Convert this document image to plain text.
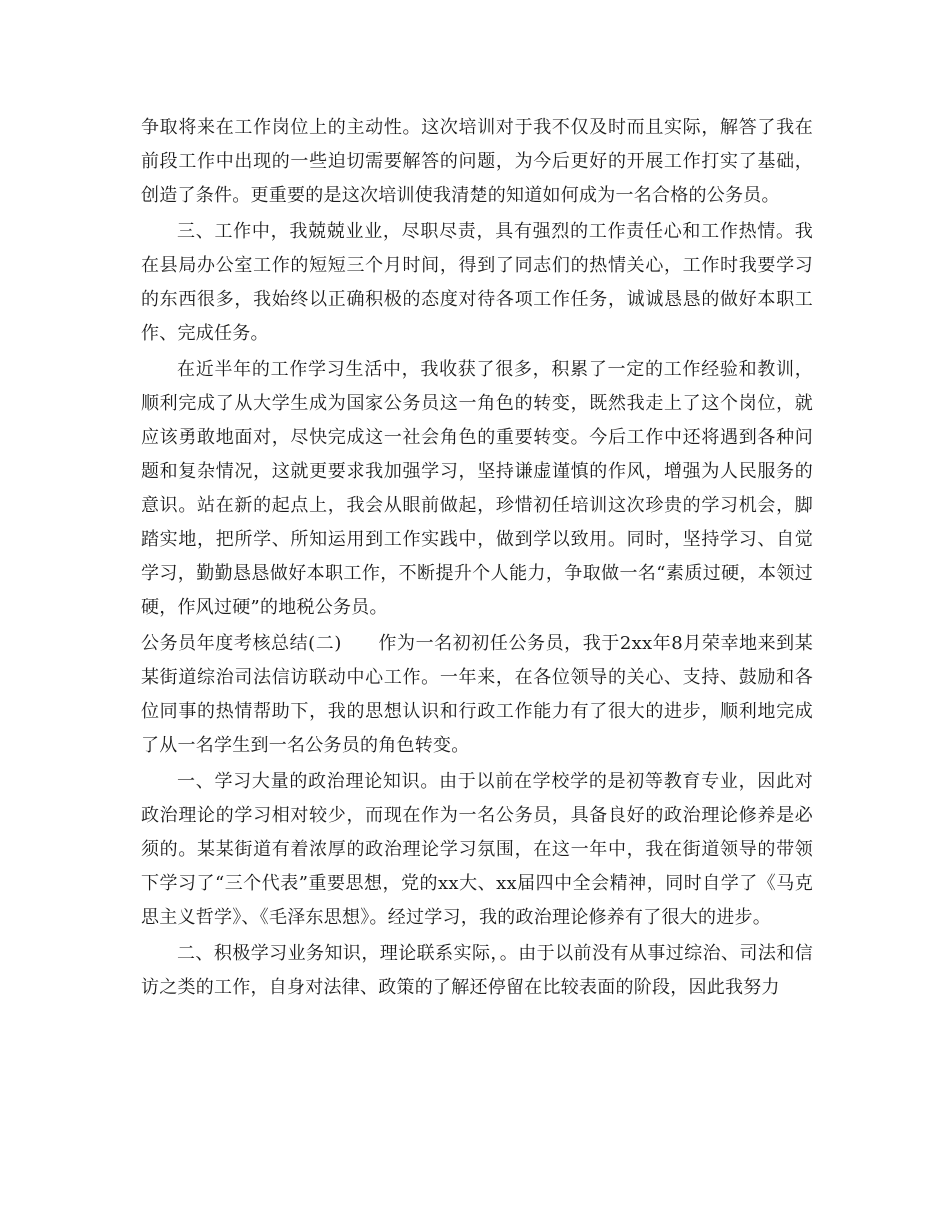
争取将来在工作岗位上的主动性。这次培训对于我不仅及时而且实际，解答了我在前段工作中出现的一些迫切需要解答的问题，为今后更好的开展工作打实了基础，创造了条件。更重要的是这次培训使我清楚的知道如何成为一名合格的公务员。

三、工作中，我兢兢业业，尽职尽责，具有强烈的工作责任心和工作热情。我在县局办公室工作的短短三个月时间，得到了同志们的热情关心，工作时我要学习的东西很多，我始终以正确积极的态度对待各项工作任务，诚诚恳恳的做好本职工作、完成任务。

在近半年的工作学习生活中，我收获了很多，积累了一定的工作经验和教训，顺利完成了从大学生成为国家公务员这一角色的转变，既然我走上了这个岗位，就应该勇敢地面对，尽快完成这一社会角色的重要转变。今后工作中还将遇到各种问题和复杂情况，这就更要求我加强学习，坚持谦虚谨慎的作风，增强为人民服务的意识。站在新的起点上，我会从眼前做起，珍惜初任培训这次珍贵的学习机会，脚踏实地，把所学、所知运用到工作实践中，做到学以致用。同时，坚持学习、自觉学习，勤勤恳恳做好本职工作，不断提升个人能力，争取做一名“素质过硬，本领过硬，作风过硬”的地税公务员。

公务员年度考核总结(二)   作为一名初初任公务员，我于2xx年8月荣幸地来到某某街道综治司法信访联动中心工作。一年来，在各位领导的关心、支持、鼓励和各位同事的热情帮助下，我的思想认识和行政工作能力有了很大的进步，顺利地完成了从一名学生到一名公务员的角色转变。

一、学习大量的政治理论知识。由于以前在学校学的是初等教育专业，因此对政治理论的学习相对较少，而现在作为一名公务员，具备良好的政治理论修养是必须的。某某街道有着浓厚的政治理论学习氛围，在这一年中，我在街道领导的带领下学习了“三个代表”重要思想，党的xx大、xx届四中全会精神，同时自学了《马克思主义哲学》、《毛泽东思想》。经过学习，我的政治理论修养有了很大的进步。

二、积极学习业务知识，理论联系实际，。由于以前没有从事过综治、司法和信访之类的工作，自身对法律、政策的了解还停留在比较表面的阶段，因此我努力
